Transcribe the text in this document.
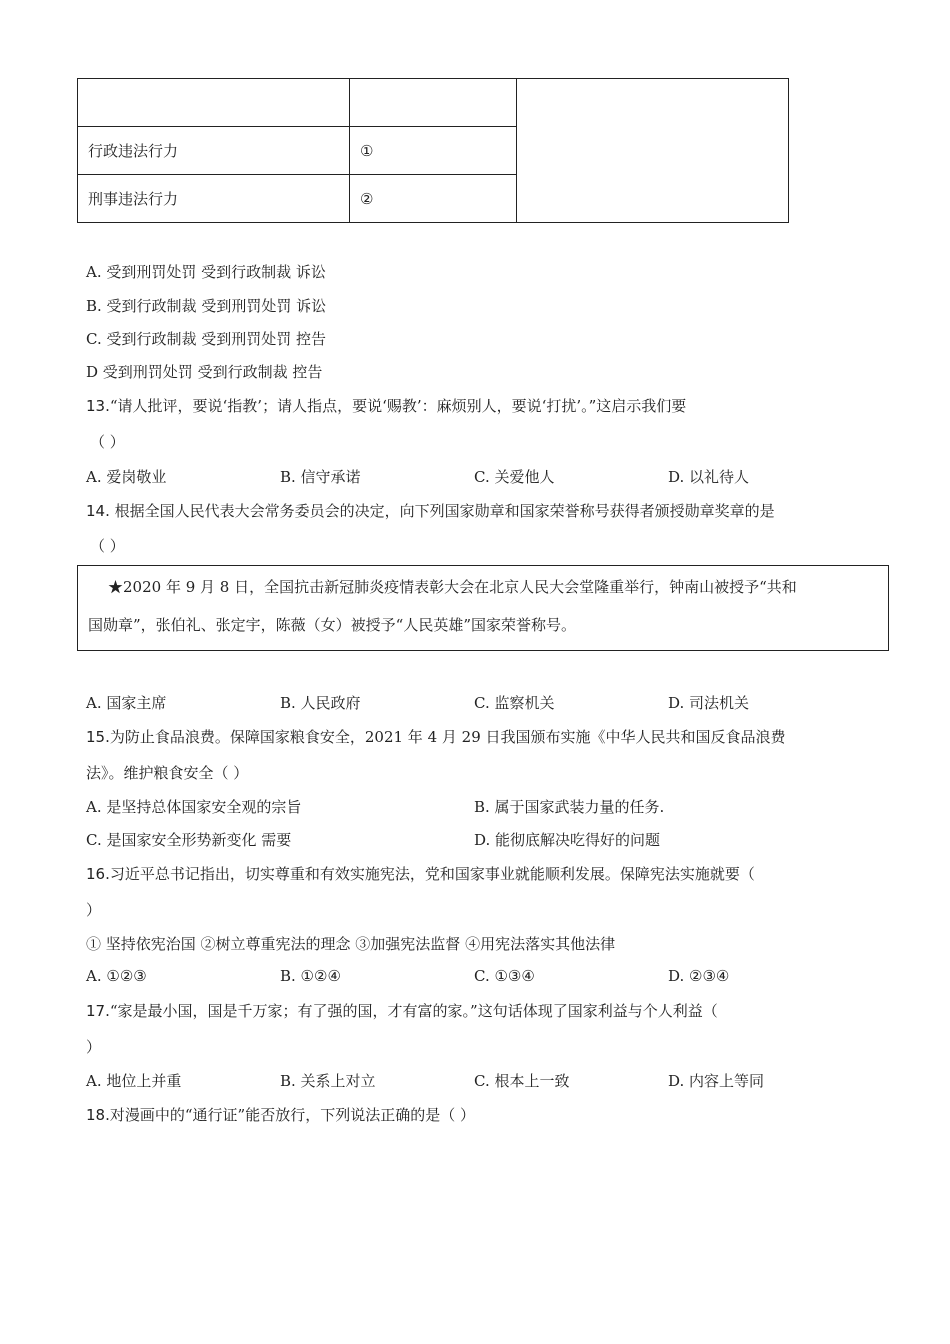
行政违法行力	①	
刑事违法行力	②	
A. 受到刑罚处罚 受到行政制裁 诉讼
B. 受到行政制裁 受到刑罚处罚 诉讼
C. 受到行政制裁 受到刑罚处罚 控告
D 受到刑罚处罚 受到行政制裁 控告
13.“请人批评，要说‘指教’；请人指点，要说‘赐教’：麻烦别人，要说‘打扰’。”这启示我们要
（ ）
A. 爱岗敬业	B. 信守承诺	C. 关爱他人	D. 以礼待人
14. 根据全国人民代表大会常务委员会的决定，向下列国家勋章和国家荣誉称号获得者颁授勋章奖章的是
（ ）
★2020 年 9 月 8 日，全国抗击新冠肺炎疫情表彰大会在北京人民大会堂隆重举行，钟南山被授予“共和
国勋章”，张伯礼、张定宇，陈薇（女）被授予“人民英雄”国家荣誉称号。
A. 国家主席	B. 人民政府	C. 监察机关	D. 司法机关
15.为防止食品浪费。保障国家粮食安全，2021 年 4 月 29 日我国颁布实施《中华人民共和国反食品浪费
法》。维护粮食安全（ ）
A. 是坚持总体国家安全观的宗旨	B. 属于国家武装力量的任务.
C. 是国家安全形势新变化 需要	D. 能彻底解决吃得好的问题
16.习近平总书记指出，切实尊重和有效实施宪法，党和国家事业就能顺利发展。保障宪法实施就要（
）
① 坚持依宪治国 ②树立尊重宪法的理念 ③加强宪法监督 ④用宪法落实其他法律
A. ①②③	B. ①②④	C. ①③④	D. ②③④
17.“家是最小国，国是千万家；有了强的国，才有富的家。”这句话体现了国家利益与个人利益（
）
A. 地位上并重	B. 关系上对立	C. 根本上一致	D. 内容上等同
18.对漫画中的“通行证”能否放行，下列说法正确的是（ ）
